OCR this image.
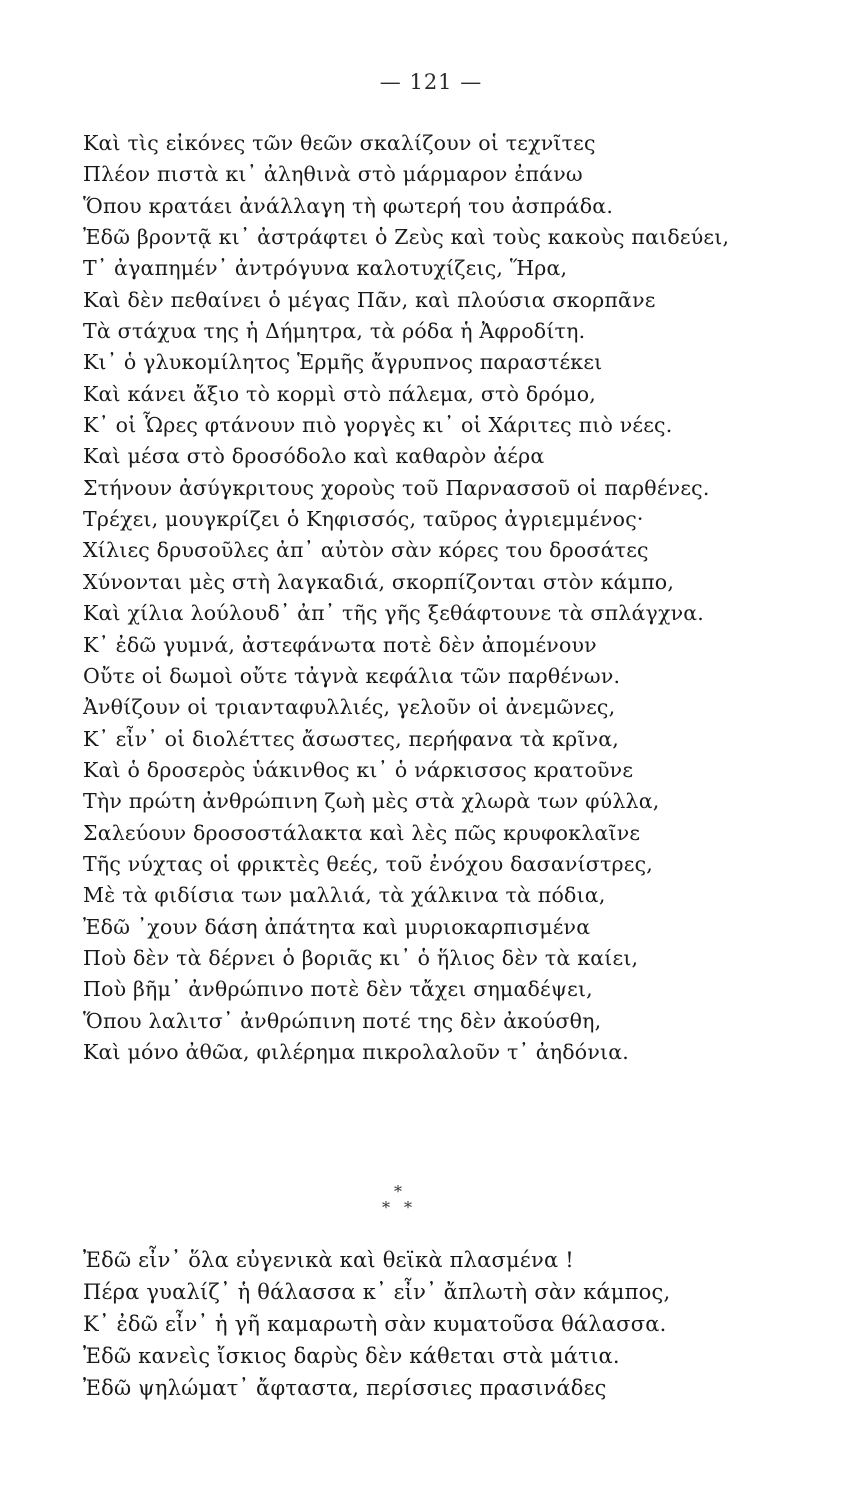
— 121 —
Καὶ τὶς εἰκόνες τῶν θεῶν σκαλίζουν οἱ τεχνῖτες
Πλέον πιστὰ κι᾽ ἀληθινὰ στὸ μάρμαρον ἐπάνω
Ὅπου κρατάει ἀνάλλαγη τὴ φωτερή του ἀσπράδα.
Ἐδῶ βροντᾷ κι᾽ ἀστράφτει ὁ Ζεὺς καὶ τοὺς κακοὺς παιδεύει,
Τ᾽ ἀγαπημέν᾽ ἀντρόγυνα καλοτυχίζεις, Ἥρα,
Καὶ δὲν πεθαίνει ὁ μέγας Πᾶν, καὶ πλούσια σκορπᾶνε
Τὰ στάχυα της ἡ Δήμητρα, τὰ ρόδα ἡ Ἀφροδίτη.
Κι᾽ ὁ γλυκομίλητος Ἑρμῆς ἄγρυπνος παραστέκει
Καὶ κάνει ἄξιο τὸ κορμὶ στὸ πάλεμα, στὸ δρόμο,
Κ᾽ οἱ Ὧρες φτάνουν πιὸ γοργὲς κι᾽ οἱ Χάριτες πιὸ νέες.
Καὶ μέσα στὸ δροσόδολο καὶ καθαρὸν ἀέρα
Στήνουν ἀσύγκριτους χοροὺς τοῦ Παρνασσοῦ οἱ παρθένες.
Τρέχει, μουγκρίζει ὁ Κηφισσός, ταῦρος ἀγριεμμένος·
Χίλιες δρυσοῦλες ἀπ᾽ αὐτὸν σὰν κόρες του δροσάτες
Χύνονται μὲς στὴ λαγκαδιά, σκορπίζονται στὸν κάμπο,
Καὶ χίλια λούλουδ᾽ ἀπ᾽ τῆς γῆς ξεθάφτουνε τὰ σπλάγχνα.
Κ᾽ ἐδῶ γυμνά, ἀστεφάνωτα ποτὲ δὲν ἀπομένουν
Οὔτε οἱ δωμοὶ οὔτε τἀγνὰ κεφάλια τῶν παρθένων.
Ἀνθίζουν οἱ τριανταφυλλιές, γελοῦν οἱ ἀνεμῶνες,
Κ᾽ εἶν᾽ οἱ διολέττες ἄσωστες, περήφανα τὰ κρῖνα,
Καὶ ὁ δροσερὸς ὑάκινθος κι᾽ ὁ νάρκισσος κρατοῦνε
Τὴν πρώτη ἀνθρώπινη ζωὴ μὲς στὰ χλωρὰ των φύλλα,
Σαλεύουν δροσοστάλακτα καὶ λὲς πῶς κρυφοκλαῖνε
Τῆς νύχτας οἱ φρικτὲς θεές, τοῦ ἐνόχου δασανίστρες,
Μὲ τὰ φιδίσια των μαλλιά, τὰ χάλκινα τὰ πόδια,
Ἐδῶ ᾽χουν δάση ἀπάτητα καὶ μυριοκαρπισμένα
Ποὺ δὲν τὰ δέρνει ὁ βοριᾶς κι᾽ ὁ ἥλιος δὲν τὰ καίει,
Ποὺ βῆμ᾽ ἀνθρώπινο ποτὲ δὲν τἄχει σημαδέψει,
Ὅπου λαλιτσ᾽ ἀνθρώπινη ποτέ της δὲν ἀκούσθη,
Καὶ μόνο ἀθῶα, φιλέρημα πικρολαλοῦν τ᾽ ἀηδόνια.
*
* *
Ἐδῶ εἶν᾽ ὅλα εὐγενικὰ καὶ θεϊκὰ πλασμένα !
Πέρα γυαλίζ᾽ ἡ θάλασσα κ᾽ εἶν᾽ ἄπλωτὴ σὰν κάμπος,
Κ᾽ ἐδῶ εἶν᾽ ἡ γῆ καμαρωτὴ σὰν κυματοῦσα θάλασσα.
Ἐδῶ κανεὶς ἴσκιος δαρὺς δὲν κάθεται στὰ μάτια.
Ἐδῶ ψηλώματ᾽ ἄφταστα, περίσσιες πρασινάδες
